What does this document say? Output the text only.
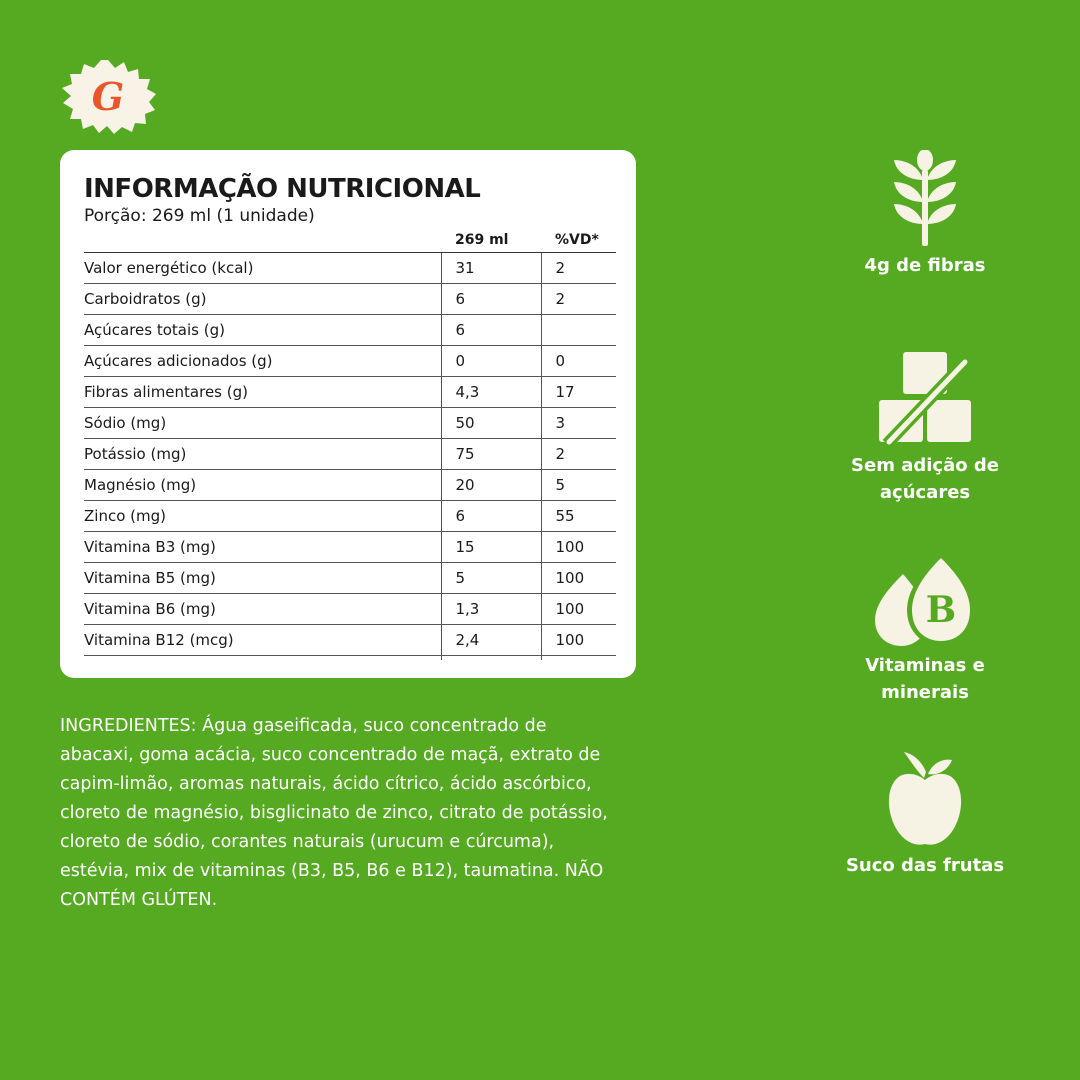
G
INFORMAÇÃO NUTRICIONAL

Porção: 269 ml (1 unidade)

	269 ml	%VD*
Valor energético (kcal)	31	2
Carboidratos (g)	6	2
Açúcares totais (g)	6	
Açúcares adicionados (g)	0	0
Fibras alimentares (g)	4,3	17
Sódio (mg)	50	3
Potássio (mg)	75	2
Magnésio (mg)	20	5
Zinco (mg)	6	55
Vitamina B3 (mg)	15	100
Vitamina B5 (mg)	5	100
Vitamina B6 (mg)	1,3	100
Vitamina B12 (mcg)	2,4	100

INGREDIENTES: Água gaseificada, suco concentrado de abacaxi, goma acácia, suco concentrado de maçã, extrato de capim-limão, aromas naturais, ácido cítrico, ácido ascórbico, cloreto de magnésio, bisglicinato de zinco, citrato de potássio, cloreto de sódio, corantes naturais (urucum e cúrcuma), estévia, mix de vitaminas (B3, B5, B6 e B12), taumatina. NÃO CONTÉM GLÚTEN.

4g de fibras
Sem adição de açúcares
B
Vitaminas e minerais
Suco das frutas
